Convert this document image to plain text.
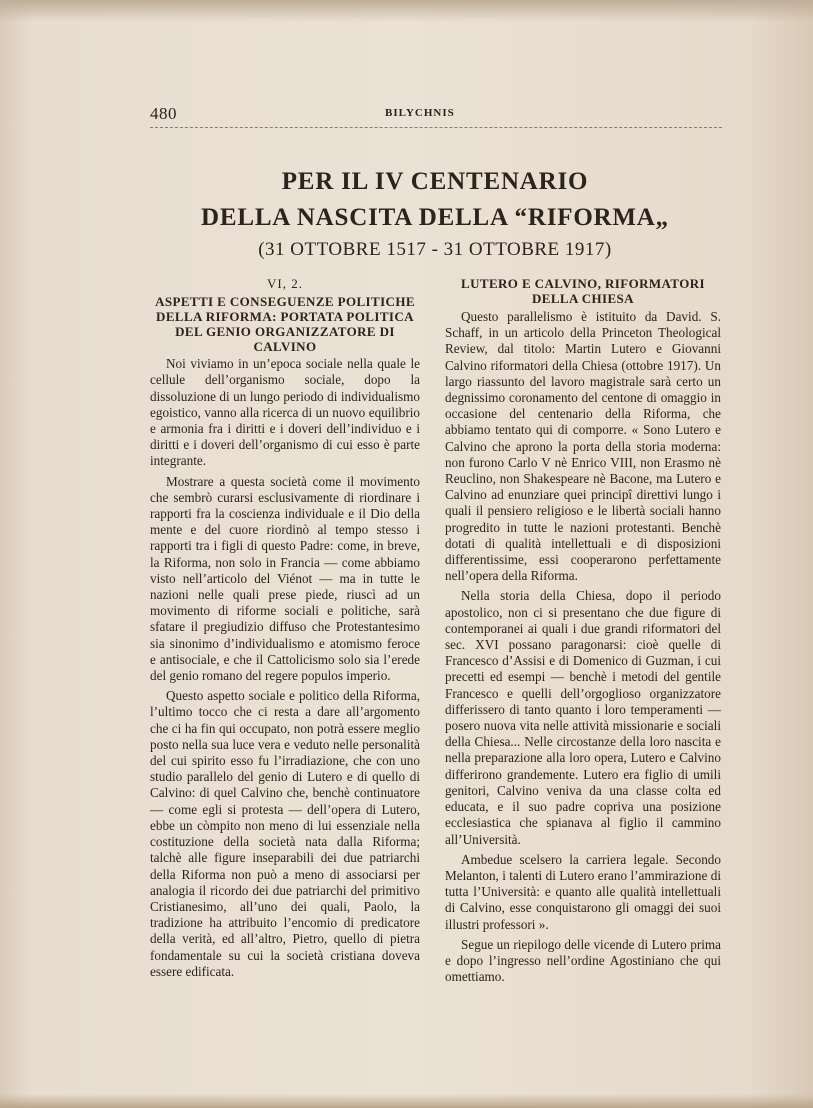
480	BILYCHNIS
PER IL IV CENTENARIO
DELLA NASCITA DELLA “RIFORMA„
(31 OTTOBRE 1517 - 31 OTTOBRE 1917)
VI, 2.
ASPETTI E CONSEGUENZE POLITICHE DELLA RIFORMA: PORTATA POLITICA DEL GENIO ORGANIZZATORE DI CALVINO

Noi viviamo in un’epoca sociale nella quale le cellule dell’organismo sociale, dopo la dissoluzione di un lungo periodo di individualismo egoistico, vanno alla ricerca di un nuovo equilibrio e armonia fra i diritti e i doveri dell’individuo e i diritti e i doveri dell’organismo di cui esso è parte integrante.

Mostrare a questa società come il movimento che sembrò curarsi esclusivamente di riordinare i rapporti fra la coscienza individuale e il Dio della mente e del cuore riordinò al tempo stesso i rapporti tra i figli di questo Padre: come, in breve, la Riforma, non solo in Francia — come abbiamo visto nell’articolo del Viénot — ma in tutte le nazioni nelle quali prese piede, riuscì ad un movimento di riforme sociali e politiche, sarà sfatare il pregiudizio diffuso che Protestantesimo sia sinonimo d’individualismo e atomismo feroce e antisociale, e che il Cattolicismo solo sia l’erede del genio romano del regere populos imperio.

Questo aspetto sociale e politico della Riforma, l’ultimo tocco che ci resta a dare all’argomento che ci ha fin qui occupato, non potrà essere meglio posto nella sua luce vera e veduto nelle personalità del cui spirito esso fu l’irradiazione, che con uno studio parallelo del genio di Lutero e di quello di Calvino: di quel Calvino che, benchè continuatore — come egli si protesta — dell’opera di Lutero, ebbe un còmpito non meno di lui essenziale nella costituzione della società nata dalla Riforma; talchè alle figure inseparabili dei due patriarchi della Riforma non può a meno di associarsi per analogia il ricordo dei due patriarchi del primitivo Cristianesimo, all’uno dei quali, Paolo, la tradizione ha attribuito l’encomio di predicatore della verità, ed all’altro, Pietro, quello di pietra fondamentale su cui la società cristiana doveva essere edificata.

LUTERO E CALVINO, RIFORMATORI DELLA CHIESA

Questo parallelismo è istituito da David. S. Schaff, in un articolo della Princeton Theological Review, dal titolo: Martin Lutero e Giovanni Calvino riformatori della Chiesa (ottobre 1917). Un largo riassunto del lavoro magistrale sarà certo un degnissimo coronamento del centone di omaggio in occasione del centenario della Riforma, che abbiamo tentato qui di comporre. « Sono Lutero e Calvino che aprono la porta della storia moderna: non furono Carlo V nè Enrico VIII, non Erasmo nè Reuclino, non Shakespeare nè Bacone, ma Lutero e Calvino ad enunziare quei principî direttivi lungo i quali il pensiero religioso e le libertà sociali hanno progredito in tutte le nazioni protestanti. Benchè dotati di qualità intellettuali e di disposizioni differentissime, essi cooperarono perfettamente nell’opera della Riforma.

Nella storia della Chiesa, dopo il periodo apostolico, non ci si presentano che due figure di contemporanei ai quali i due grandi riformatori del sec. XVI possano paragonarsi: cioè quelle di Francesco d’Assisi e di Domenico di Guzman, i cui precetti ed esempi — benchè i metodi del gentile Francesco e quelli dell’orgoglioso organizzatore differissero di tanto quanto i loro temperamenti — posero nuova vita nelle attività missionarie e sociali della Chiesa... Nelle circostanze della loro nascita e nella preparazione alla loro opera, Lutero e Calvino differirono grandemente. Lutero era figlio di umili genitori, Calvino veniva da una classe colta ed educata, e il suo padre copriva una posizione ecclesiastica che spianava al figlio il cammino all’Università.

Ambedue scelsero la carriera legale. Secondo Melanton, i talenti di Lutero erano l’ammirazione di tutta l’Università: e quanto alle qualità intellettuali di Calvino, esse conquistarono gli omaggi dei suoi illustri professori ».

Segue un riepilogo delle vicende di Lutero prima e dopo l’ingresso nell’ordine Agostiniano che qui omettiamo.
